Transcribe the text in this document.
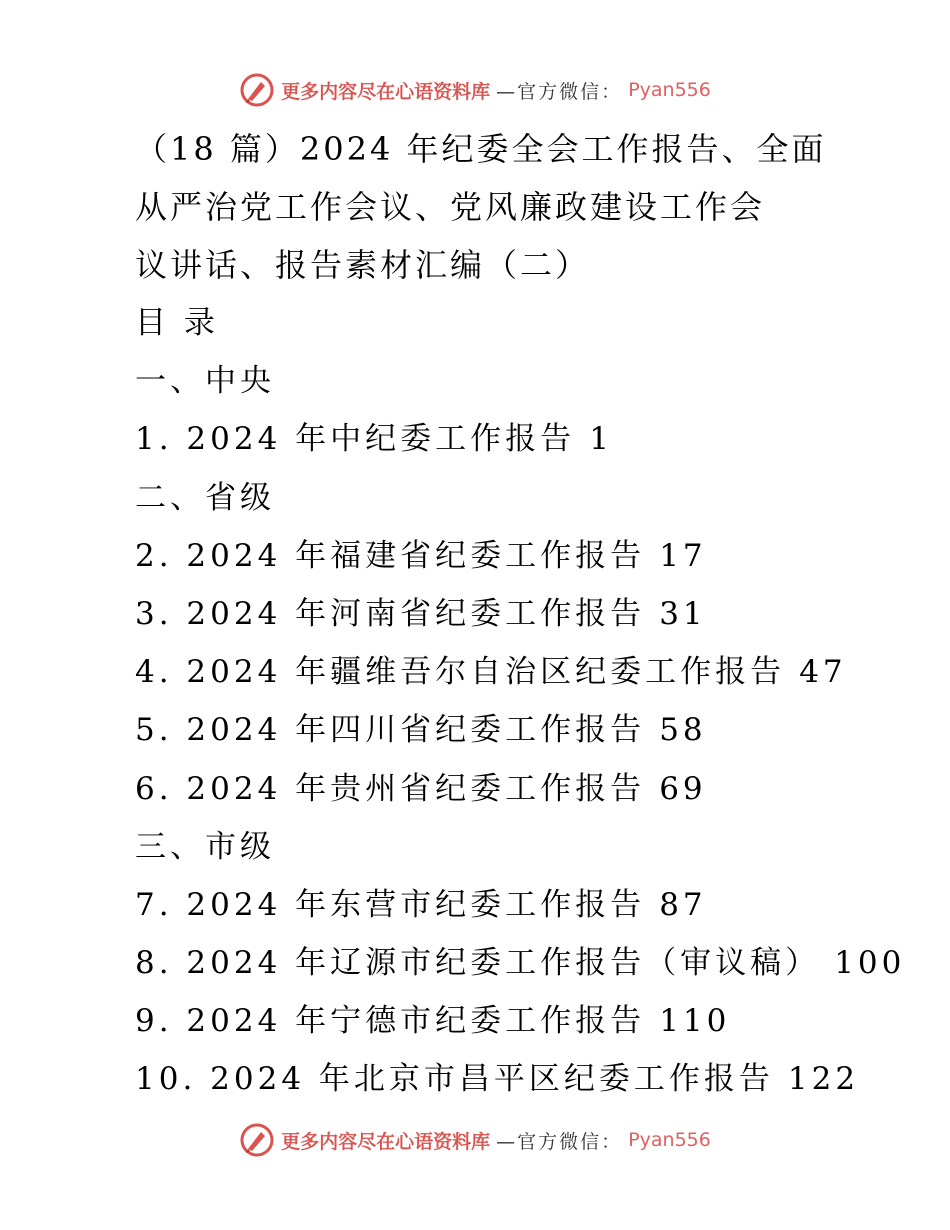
更多内容尽在心语资料库 —官方微信： Pyan556
（18 篇）2024 年纪委全会工作报告、全面
从严治党工作会议、党风廉政建设工作会
议讲话、报告素材汇编（二）
目 录
一、中央
1. 2024 年中纪委工作报告 1
二、省级
2. 2024 年福建省纪委工作报告 17
3. 2024 年河南省纪委工作报告 31
4. 2024 年疆维吾尔自治区纪委工作报告 47
5. 2024 年四川省纪委工作报告 58
6. 2024 年贵州省纪委工作报告 69
三、市级
7. 2024 年东营市纪委工作报告 87
8. 2024 年辽源市纪委工作报告（审议稿） 100
9. 2024 年宁德市纪委工作报告 110
10. 2024 年北京市昌平区纪委工作报告 122
更多内容尽在心语资料库 —官方微信： Pyan556
